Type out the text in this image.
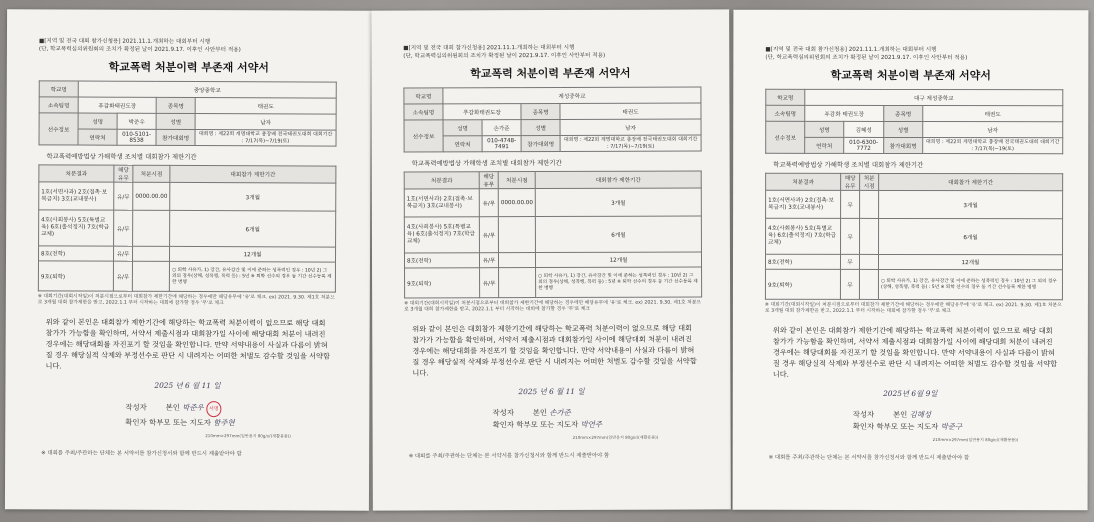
■[지역 및 전국 대회 참가신청용] 2021.11.1.개최하는 대회부터 시행
(단, 학교폭력심의위원회의 조치가 확정된 날이 2021.9.17. 이후인 사안부터 적용)
학교폭력 처분이력 부존재 서약서
학교명	중앙중학교			
소속팀명	푸감화태권도장		종목명	태권도
선수정보	성명	박준우	성별	남자
	연락처	010-5101-8538	참가대회명	대회명 : 제22회 계명대학교 총장배 전국태권도대회 대회기간 : 7/17(목)~7/19(토)
학교폭력예방법상 가해학생 조치별 대회참가 제한기간
처분결과	해당유무	처분시점	대회참가 제한기간
1호(서면사과) 2호(접촉·보복금지) 3호(교내봉사)	유/무	0000.00.00	3개월
4호(사회봉사) 5호(특별교육) 6호(출석정지) 7호(학급교체)	유/무		6개월
8호(전학)	유/무		12개월
9호(퇴학)	유/무		○ 퇴학 사유가, 1) 강간, 유사강간 및 이에 준하는 성폭력인 경우 : 10년 2) 그 외의 경우(상해, 성폭행, 폭력 등) : 5년 ※ 퇴학 선수의 경우 동 기간 선수등록 제한 병행
※ 대회기간(대회시작일)이 처분시점으로부터 대회참가 제한기간에 해당하는 경우에만 해당유무에 '유'로 체크. ex) 2021. 9.30. 제1호 처분으로 3개월 대회 참가제한을 받고, 2022.1.1 부터 시작하는 대회에 참가할 경우 '무'로 체크
위와 같이 본인은 대회참가 제한기간에 해당하는 학교폭력 처분이력이 없으므로 해당 대회 참가가 가능함을 확인하며, 서약서 제출시점과 대회참가일 사이에 해당대회 처분이 내려진 경우에는 해당대회를 자진포기 할 것임을 확인합니다. 만약 서약내용이 사실과 다름이 밝혀질 경우 해당실적 삭제와 부정선수로 판단 시 내려지는 어떠한 처벌도 감수할 것임을 서약합니다.
2025 년 6 월 11 일
작성자	본인 박준우 서명
확인자 학부모 또는 지도자 함주현
210mm×297mm(일반용지 80g/㎡(재활용품))
※ 대회를 주최/주관하는 단체는 본 서약서를 참가신청서와 함께 반드시 제출받아야 함
■[지역 및 전국 대회 참가신청용] 2021.11.1.개최하는 대회부터 시행
(단, 학교폭력심의위원회의 조치가 확정된 날이 2021.9.17. 이후인 사안부터 적용)
학교폭력 처분이력 부존재 서약서
학교명	계성중학교			
소속팀명	푸감화태권도장		종목명	태권도
선수정보	성명	손가준	성별	남자
	연락처	010-4748-7491	참가대회명	대회명 : 제22회 계명대학교 총장배 전국태권도대회 대회기간 : 7/17(목)~7/19(토)
학교폭력예방법상 가해학생 조치별 대회참가 제한기간
처분결과	해당유무	처분시점	대회참가 제한기간
1호(서면사과) 2호(접촉·보복금지) 3호(교내봉사)	유/무	0000.00.00	3개월
4호(사회봉사) 5호(특별교육) 6호(출석정지) 7호(학급교체)	유/무		6개월
8호(전학)	유/무		12개월
9호(퇴학)	유/무		○ 퇴학 사유가, 1) 강간, 유사강간 및 이에 준하는 성폭력인 경우 : 10년 2) 그 외의 경우(상해, 성폭행, 폭력 등) : 5년 ※ 퇴학 선수의 경우 동 기간 선수등록 제한 병행
※ 대회기간(대회시작일)이 처분시점으로부터 대회참가 제한기간에 해당하는 경우에만 해당유무에 '유'로 체크. ex) 2021. 9.30. 제1호 처분으로 3개월 대회 참가제한을 받고, 2022.1.1 부터 시작하는 대회에 참가할 경우 '무'로 체크
위와 같이 본인은 대회참가 제한기간에 해당하는 학교폭력 처분이력이 없으므로 해당 대회 참가가 가능함을 확인하며, 서약서 제출시점과 대회참가일 사이에 해당대회 처분이 내려진 경우에는 해당대회를 자진포기 할 것임을 확인합니다. 만약 서약내용이 사실과 다름이 밝혀질 경우 해당실적 삭제와 부정선수로 판단 시 내려지는 어떠한 처벌도 감수할 것임을 서약합니다.
2025 년 6 월 11 일
작성자	본인 손가준
확인자 학부모 또는 지도자 박연주
210mm×297mm(일반용지 80g/㎡(재활용품))
※ 대회를 주최/주관하는 단체는 본 서약서를 참가신청서와 함께 반드시 제출받아야 함
■[지역 및 전국 대회 참가신청용] 2021.11.1.개최하는 대회부터 시행
(단, 학교폭력심의위원회의 조치가 확정된 날이 2021.9.17. 이후인 사안부터 적용)
학교폭력 처분이력 부존재 서약서
학교명	대구 계성중학교			
소속팀명	푸감화 태권도장		종목명	태권도
선수정보	성명	김혜성	성별	남자
	연락처	010-6300-7772	참가대회명	대회명 : 제22회 계명대학교 총장배 전국태권도대회 대회기간 : 7/17(목)~19(토)
학교폭력예방법상 가해학생 조치별 대회참가 제한기간
처분결과	해당유무	처분시점	대회참가 제한기간
1호(서면사과) 2호(접촉·보복금지) 3호(교내봉사)	무		3개월
4호(사회봉사) 5호(특별교육) 6호(출석정지) 7호(학급교체)	무		6개월
8호(전학)	무		12개월
9호(퇴학)	무		○ 퇴학 사유가, 1) 강간, 유사강간 및 이에 준하는 성폭력인 경우 : 10년 2) 그 외의 경우(상해, 성폭행, 폭력 등) : 5년 ※ 퇴학 선수의 경우 동 기간 선수등록 제한 병행
※ 대회기간(대회시작일)이 처분시점으로부터 대회참가 제한기간에 해당하는 경우에만 해당유무에 '유'로 체크. ex) 2021. 9.30. 제1호 처분으로 3개월 대회 참가제한을 받고, 2022.1.1 부터 시작하는 대회에 참가할 경우 '무'로 체크
위와 같이 본인은 대회참가 제한기간에 해당하는 학교폭력 처분이력이 없으므로 해당 대회 참가가 가능함을 확인하며, 서약서 제출시점과 대회참가일 사이에 해당대회 처분이 내려진 경우에는 해당대회를 자진포기 할 것임을 확인합니다. 만약 서약내용이 사실과 다름이 밝혀질 경우 해당실적 삭제와 부정선수로 판단 시 내려지는 어떠한 처벌도 감수할 것임을 서약합니다.
2025년 6월 9일
작성자	본인 김혜성
확인자 학부모 또는 지도자 박준구
210mm×297mm(일반용지 80g/㎡(재활용품))
※ 대회를 주최/주관하는 단체는 본 서약서를 참가신청서와 함께 반드시 제출받아야 함
